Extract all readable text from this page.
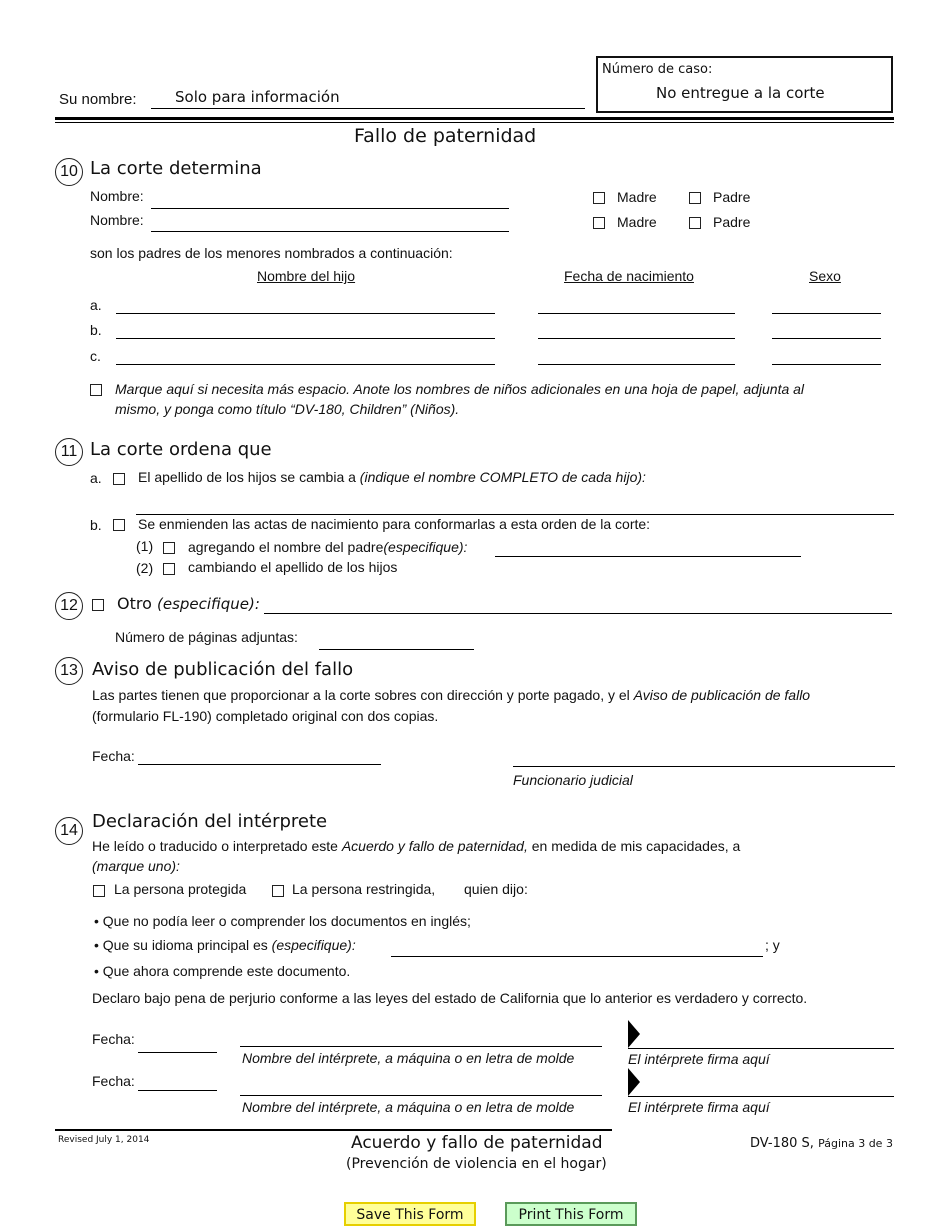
Su nombre:	Solo para información
Número de caso:
No entregue a la corte
Fallo de paternidad
10 La corte determina
Nombre:
Nombre:
Madre	Padre
Madre	Padre
son los padres de los menores nombrados a continuación:
Nombre del hijo	Fecha de nacimiento	Sexo
a.
b.
c.
Marque aquí si necesita más espacio. Anote los nombres de niños adicionales en una hoja de papel, adjunta al
mismo, y ponga como título “DV-180, Children” (Niños).
11 La corte ordena que
a.	El apellido de los hijos se cambia a (indique el nombre COMPLETO de cada hijo):
b.	Se enmienden las actas de nacimiento para conformarlas a esta orden de la corte:
(1) agregando el nombre del padre(especifique):
(2) cambiando el apellido de los hijos
12	Otro (especifique):
Número de páginas adjuntas:
13 Aviso de publicación del fallo
Las partes tienen que proporcionar a la corte sobres con dirección y porte pagado, y el Aviso de publicación de fallo
(formulario FL-190) completado original con dos copias.
Fecha:
Funcionario judicial
14 Declaración del intérprete
He leído o traducido o interpretado este Acuerdo y fallo de paternidad, en medida de mis capacidades, a
(marque uno):
La persona protegida	La persona restringida, quien dijo:
• Que no podía leer o comprender los documentos en inglés;
• Que su idioma principal es (especifique):	; y
• Que ahora comprende este documento.
Declaro bajo pena de perjurio conforme a las leyes del estado de California que lo anterior es verdadero y correcto.
Fecha:
Nombre del intérprete, a máquina o en letra de molde	El intérprete firma aquí
Fecha:
Nombre del intérprete, a máquina o en letra de molde	El intérprete firma aquí
Revised July 1, 2014	Acuerdo y fallo de paternidad
(Prevención de violencia en el hogar)
DV-180 S, Página 3 de 3
Save This Form	Print This Form
